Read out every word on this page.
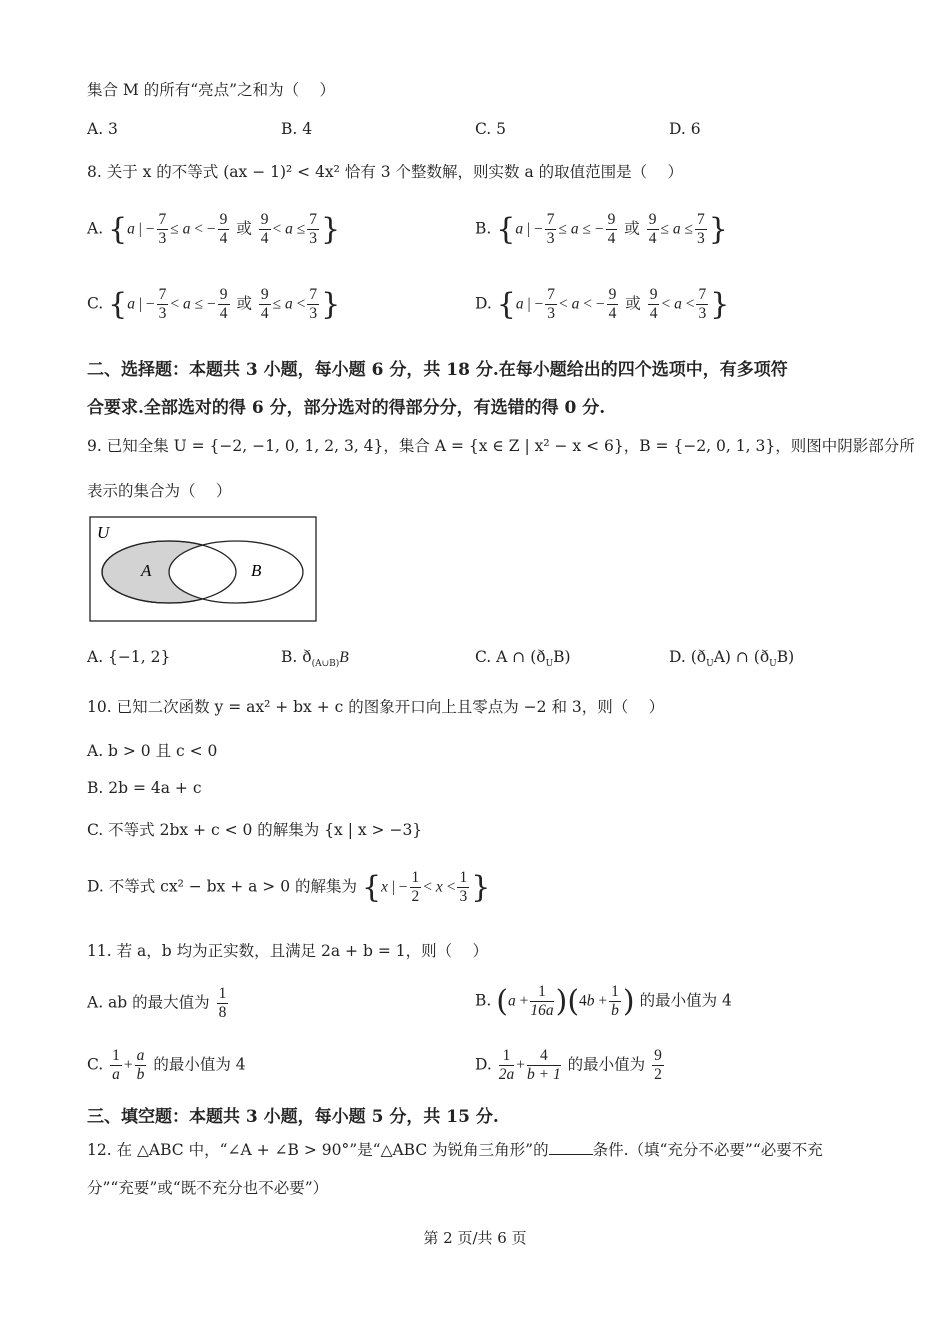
集合 M 的所有“亮点”之和为（　 ）
A. 3	B. 4	C. 5	D. 6
8. 关于 x 的不等式 (ax − 1)² < 4x² 恰有 3 个整数解，则实数 a 的取值范围是（　 ）
A. {a | − $\frac{7}{3} \le a$ < − $\frac{9}{4}$ 或 $\frac{9}{4} < a \le \frac{7}{3}$ }	B. {a | − $\frac{7}{3} \le a$ ≤ − $\frac{9}{4}$ 或 $\frac{9}{4} \le a \le \frac{7}{3}$ }
C. {a | − $\frac{7}{3} < a$ ≤ − $\frac{9}{4}$ 或 $\frac{9}{4} \le a < \frac{7}{3}$ }	D. {a | − $\frac{7}{3} < a$ < − $\frac{9}{4}$ 或 $\frac{9}{4} < a < \frac{7}{3}$ }
二、选择题：本题共 3 小题，每小题 6 分，共 18 分.在每小题给出的四个选项中，有多项符
合要求.全部选对的得 6 分，部分选对的得部分分，有选错的得 0 分.
9. 已知全集 U = {−2, −1, 0, 1, 2, 3, 4}，集合 A = {x ∈ Z | x² − x < 6}，B = {−2, 0, 1, 3}，则图中阴影部分所
表示的集合为（　 ）
U
A	B
A. {−1, 2}	B. $ð_{(A\cup B)}B$	C. A ∩ $(ð_UB)$	D. $(ð_UA)$ ∩ $(ð_UB)$
10. 已知二次函数 y = ax² + bx + c 的图象开口向上且零点为 −2 和 3，则（　 ）
A. b > 0 且 c < 0
B. 2b = 4a + c
C. 不等式 2bx + c < 0 的解集为 {x | x > −3}
D. 不等式 cx² − bx + a > 0 的解集为 {x | − $\frac{1}{2} < x < \frac{1}{3}$ }
11. 若 a，b 均为正实数，且满足 2a + b = 1，则（　 ）
A. ab 的最大值为 $\frac{1}{8}$	B. $(a + \frac{1}{16a} )(4b + \frac{1}{b}$ ) 的最小值为 4
C. $\frac{1}{a} + \frac{a}{b}$ 的最小值为 4	D. $\frac{1}{2a} + \frac{4}{b + 1}$ 的最小值为 $\frac{9}{2}$
三、填空题：本题共 3 小题，每小题 5 分，共 15 分.
12. 在 △ABC 中，“∠A + ∠B > 90°”是“△ABC 为锐角三角形”的	条件.（填“充分不必要”“必要不充
分”“充要”或“既不充分也不必要”）
第 2 页/共 6 页
